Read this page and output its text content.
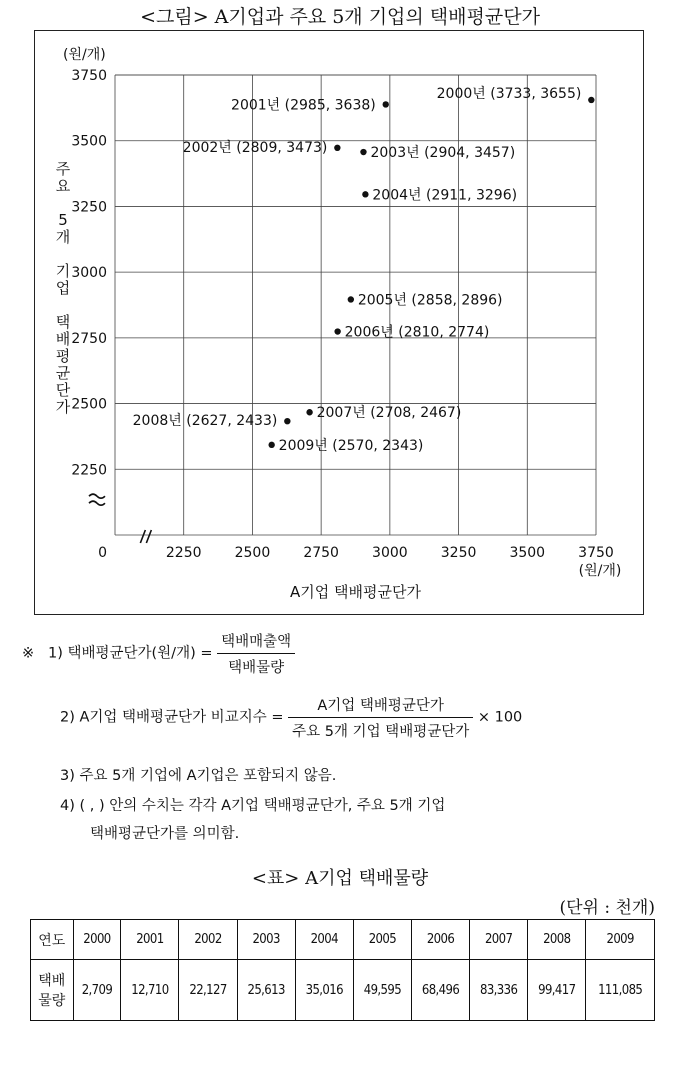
<그림> A기업과 주요 5개 기업의 택배평균단가
주
요
5
개
기
업
택
배
평
균
단
가
2250 2500 2750 3000 3250 3500 3750
2250
2500
2750
3000
3250
3500
3750
0
(원/개)
(원/개)
A기업 택배평균단가
2000년 (3733, 3655)
2001년 (2985, 3638)
2002년 (2809, 3473)	2003년 (2904, 3457)
2004년 (2911, 3296)
2005년 (2858, 2896)
2006년 (2810, 2774)
2007년 (2708, 2467)
2008년 (2627, 2433)
2009년 (2570, 2343)
※ 1) 택배평균단가(원/개) = $\frac{\text{택배매출액}}{\text{택배물량}}$
2) A기업 택배평균단가 비교지수 = $\frac{\text{A기업 택배평균단가}}{\text{주요 5개 기업 택배평균단가}} \times 100$
3) 주요 5개 기업에 A기업은 포함되지 않음.
4) ( , ) 안의 수치는 각각 A기업 택배평균단가, 주요 5개 기업
택배평균단가를 의미함.
<표> A기업 택배물량
(단위 : 천개)
연도	2000	2001	2002	2003	2004	2005	2006	2007	2008	2009
택배
물량	2,709	12,710	22,127	25,613	35,016	49,595	68,496	83,336	99,417	111,085
